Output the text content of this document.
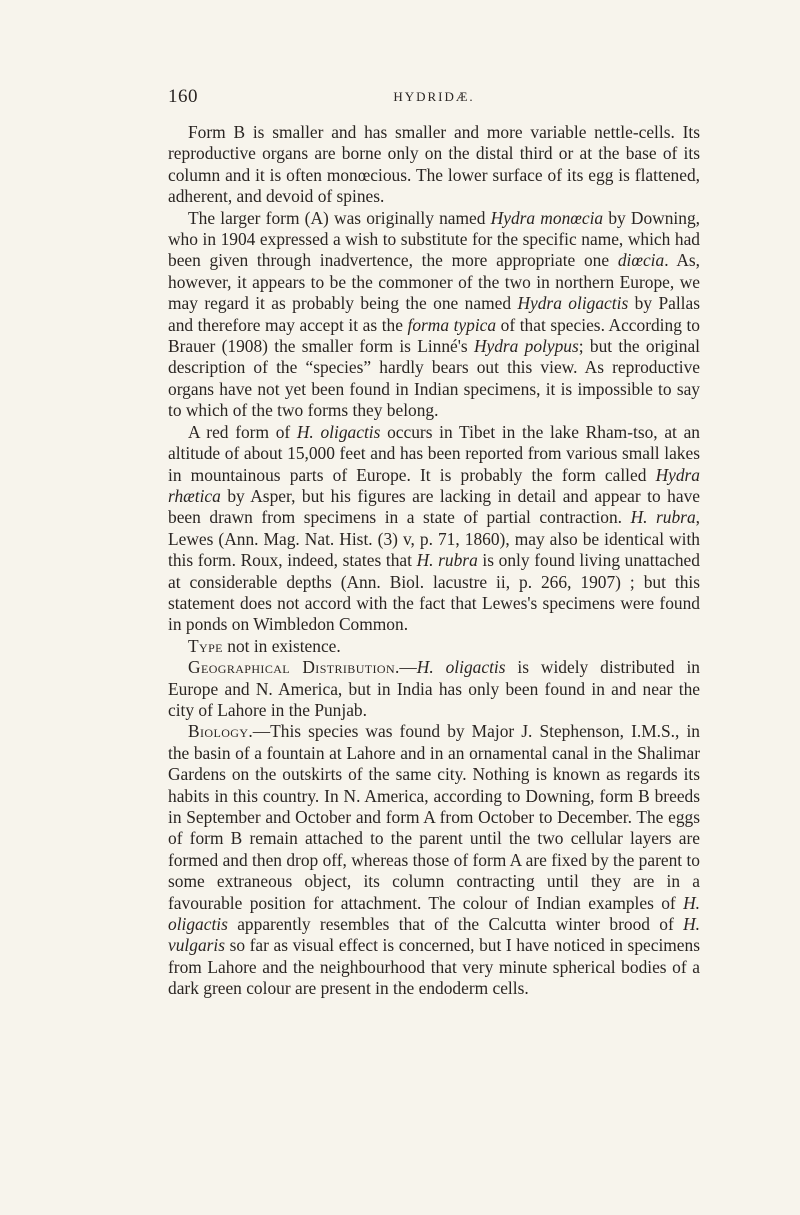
160	HYDRIDÆ.

Form B is smaller and has smaller and more variable nettle-cells. Its reproductive organs are borne only on the distal third or at the base of its column and it is often monœcious. The lower surface of its egg is flattened, adherent, and devoid of spines.

The larger form (A) was originally named Hydra monœcia by Downing, who in 1904 expressed a wish to substitute for the specific name, which had been given through inadvertence, the more appropriate one diœcia. As, however, it appears to be the commoner of the two in northern Europe, we may regard it as probably being the one named Hydra oligactis by Pallas and therefore may accept it as the forma typica of that species. According to Brauer (1908) the smaller form is Linné's Hydra polypus; but the original description of the “species” hardly bears out this view. As reproductive organs have not yet been found in Indian specimens, it is impossible to say to which of the two forms they belong.

A red form of H. oligactis occurs in Tibet in the lake Rham-tso, at an altitude of about 15,000 feet and has been reported from various small lakes in mountainous parts of Europe. It is probably the form called Hydra rhætica by Asper, but his figures are lacking in detail and appear to have been drawn from specimens in a state of partial contraction. H. rubra, Lewes (Ann. Mag. Nat. Hist. (3) v, p. 71, 1860), may also be identical with this form. Roux, indeed, states that H. rubra is only found living unattached at considerable depths (Ann. Biol. lacustre ii, p. 266, 1907) ; but this statement does not accord with the fact that Lewes's specimens were found in ponds on Wimbledon Common.

Type not in existence.

Geographical Distribution.—H. oligactis is widely distributed in Europe and N. America, but in India has only been found in and near the city of Lahore in the Punjab.

Biology.—This species was found by Major J. Stephenson, I.M.S., in the basin of a fountain at Lahore and in an ornamental canal in the Shalimar Gardens on the outskirts of the same city. Nothing is known as regards its habits in this country. In N. America, according to Downing, form B breeds in September and October and form A from October to December. The eggs of form B remain attached to the parent until the two cellular layers are formed and then drop off, whereas those of form A are fixed by the parent to some extraneous object, its column contracting until they are in a favourable position for attachment. The colour of Indian examples of H. oligactis apparently resembles that of the Calcutta winter brood of H. vulgaris so far as visual effect is concerned, but I have noticed in specimens from Lahore and the neighbourhood that very minute spherical bodies of a dark green colour are present in the endoderm cells.
